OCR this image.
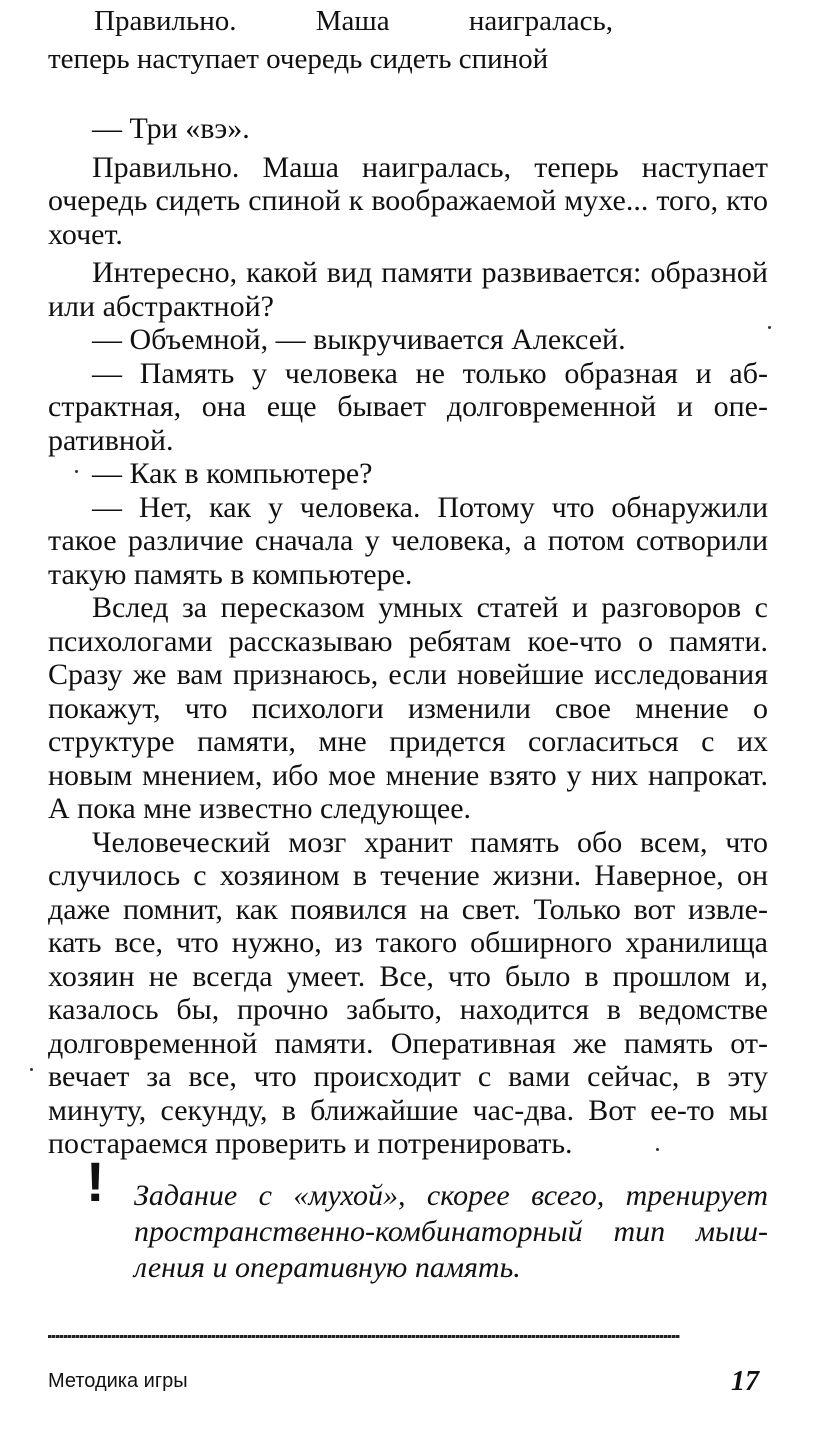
Правильно.	Маша	наигралась,
теперь наступает очередь сидеть спиной

— Три «вэ».

Правильно. Маша наигралась, теперь наступает очередь сидеть спиной к воображаемой мухе... того, кто хочет.

Интересно, какой вид памяти развивается: образной или абстрактной?

— Объемной, — выкручивается Алексей.

— Память у человека не только образная и абстрактная, она еще бывает долговременной и оперативной.

— Как в компьютере?

— Нет, как у человека. Потому что обнаружили такое различие сначала у человека, а потом сотворили такую память в компьютере.

Вслед за пересказом умных статей и разговоров с психологами рассказываю ребятам кое-что о памяти. Сразу же вам признаюсь, если новейшие исследования покажут, что психологи изменили свое мнение о структуре памяти, мне придется согласиться с их новым мнением, ибо мое мнение взято у них напрокат. А пока мне известно следующее.

Человеческий мозг хранит память обо всем, что случилось с хозяином в течение жизни. Наверное, он даже помнит, как появился на свет. Только вот извлекать все, что нужно, из такого обширного хранилища хозяин не всегда умеет. Все, что было в прошлом и, казалось бы, прочно забыто, находится в ведомстве долговременной памяти. Оперативная же память отвечает за все, что происходит с вами сейчас, в эту минуту, секунду, в ближайшие час-два. Вот ее-то мы постараемся проверить и потренировать.

! Задание с «мухой», скорее всего, тренирует пространственно-комбинаторный тип мышления и оперативную память.
Методика игры	17
